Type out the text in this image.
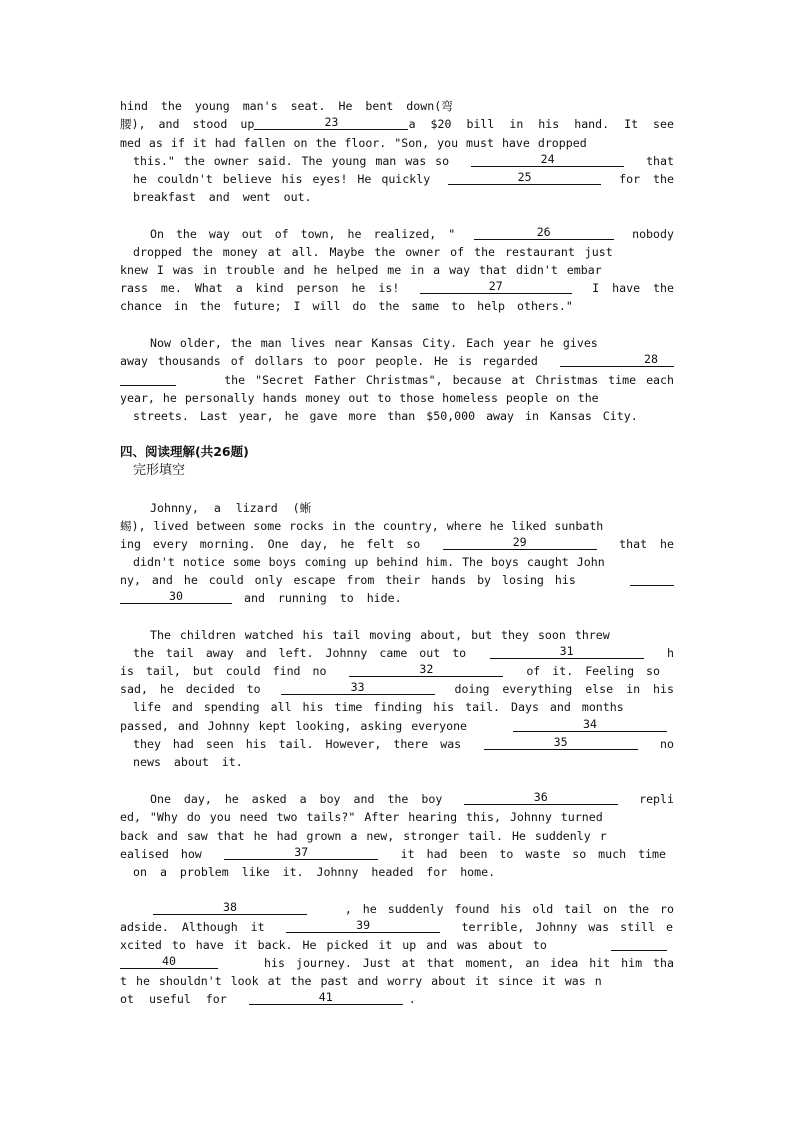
hind the young man's seat. He bent down(弯
腰), and stood up	23	a $20 bill in his hand. It see
med as if it had fallen on the floor. "Son, you must have dropped
this." the owner said. The young man was so	24	that
he couldn't believe his eyes! He quickly	25	for the
breakfast and went out.
On the way out of town, he realized, "	26	nobody
dropped the money at all. Maybe the owner of the restaurant just
knew I was in trouble and he helped me in a way that didn't embar
rass me. What a kind person he is!	27	I have the
chance in the future; I will do the same to help others."
Now older, the man lives near Kansas City. Each year he gives
away thousands of dollars to poor people. He is regarded	28
the "Secret Father Christmas", because at Christmas time each
year, he personally hands money out to those homeless people on the
streets. Last year, he gave more than $50,000 away in Kansas City.
四、阅读理解(共26题)
完形填空
Johnny, a lizard (蜥
蜴), lived between some rocks in the country, where he liked sunbath
ing every morning. One day, he felt so	29	that he
didn't notice some boys coming up behind him. The boys caught John
ny, and he could only escape from their hands by losing his
30	and running to hide.
The children watched his tail moving about, but they soon threw
the tail away and left. Johnny came out to	31	h
is tail, but could find no	32	of it. Feeling so
sad, he decided to	33	doing everything else in his
life and spending all his time finding his tail. Days and months
passed, and Johnny kept looking, asking everyone	34
they had seen his tail. However, there was	35	no
news about it.
One day, he asked a boy and the boy	36	repli
ed, "Why do you need two tails?" After hearing this, Johnny turned
back and saw that he had grown a new, stronger tail. He suddenly r
ealised how	37	it had been to waste so much time
on a problem like it. Johnny headed for home.
38	, he suddenly found his old tail on the ro
adside. Although it	39	terrible, Johnny was still e
xcited to have it back. He picked it up and was about to
40	his journey. Just at that moment, an idea hit him tha
t he shouldn't look at the past and worry about it since it was n
ot useful for	41	.
